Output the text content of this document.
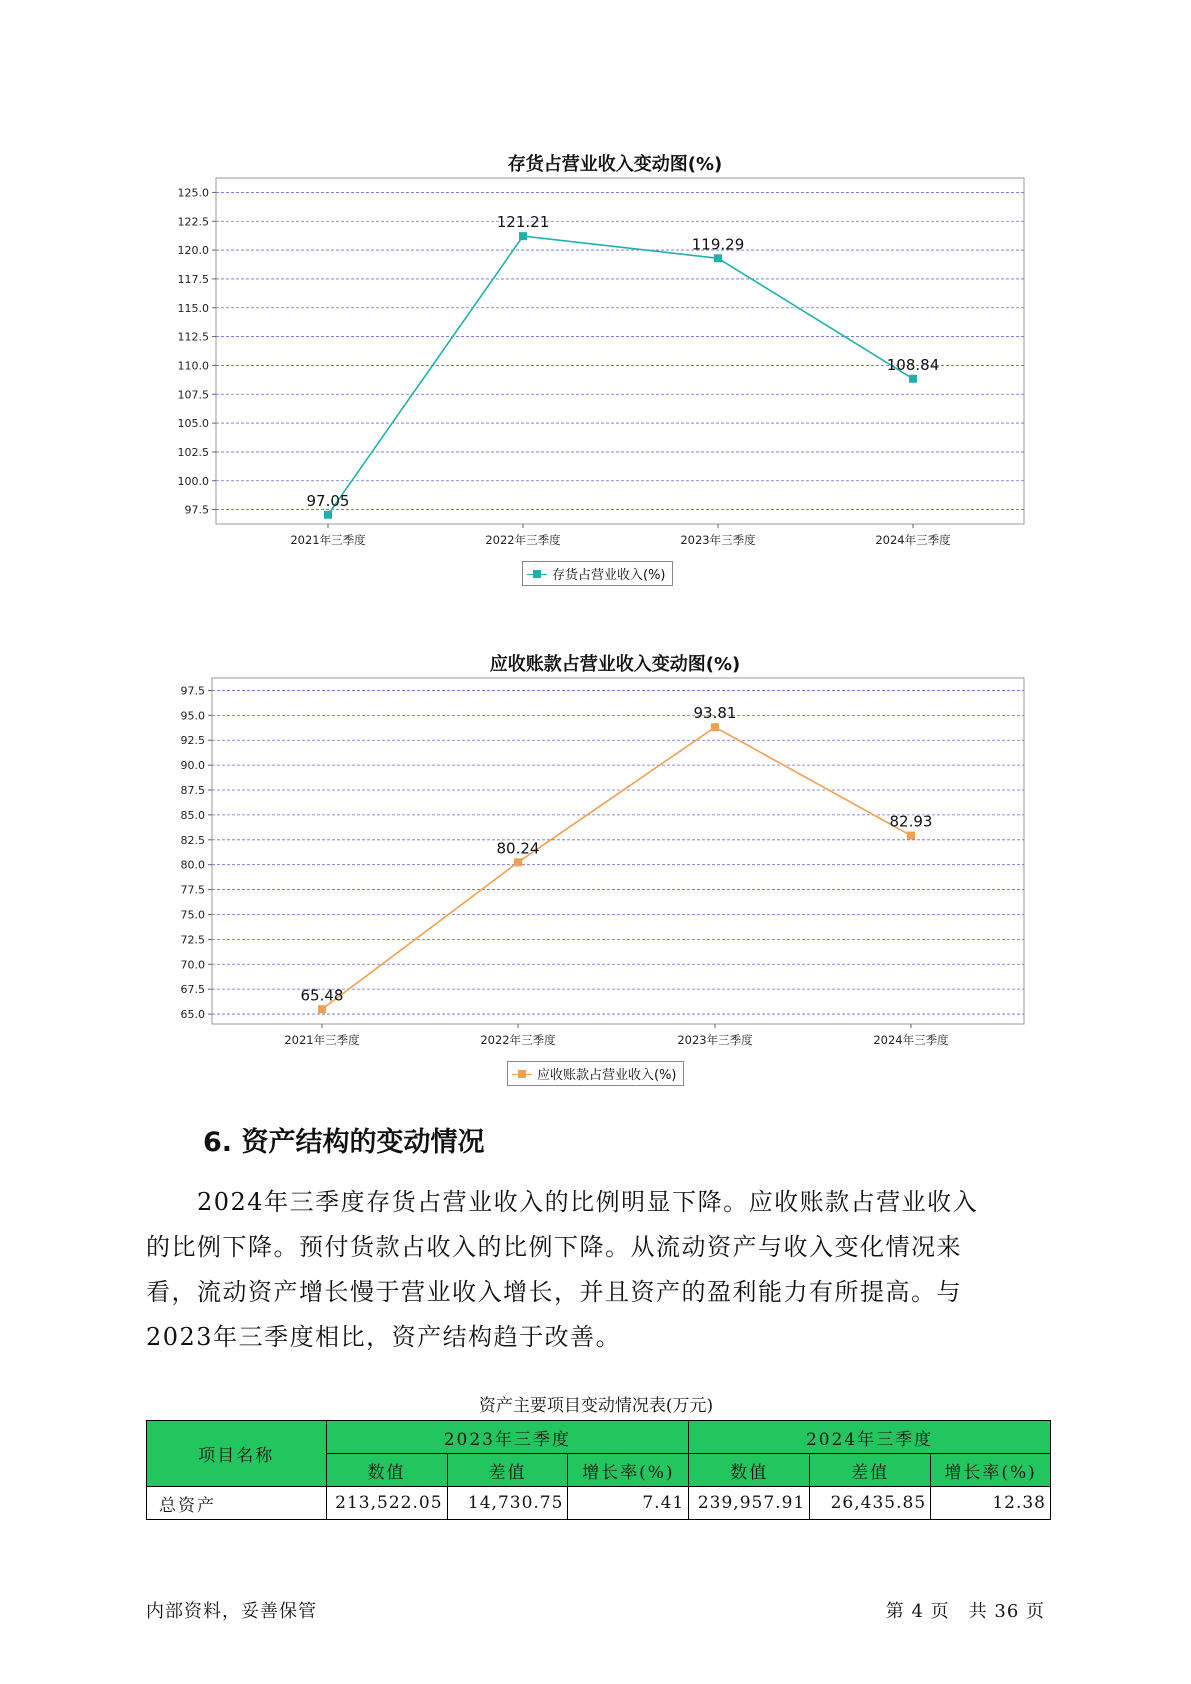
存货占营业收入变动图(%)
97.5
100.0
102.5
105.0
107.5
110.0
112.5
115.0
117.5
120.0
122.5
125.0
2021年三季度	2022年三季度	2023年三季度	2024年三季度
97.05
121.21
119.29
108.84
存货占营业收入(%)
应收账款占营业收入变动图(%)
65.0
67.5
70.0
72.5
75.0
77.5
80.0
82.5
85.0
87.5
90.0
92.5
95.0
97.5
2021年三季度	2022年三季度	2023年三季度	2024年三季度
65.48
80.24
93.81
82.93
应收账款占营业收入(%)
6. 资产结构的变动情况
　　2024年三季度存货占营业收入的比例明显下降。应收账款占营业收入
的比例下降。预付货款占收入的比例下降。从流动资产与收入变化情况来
看，流动资产增长慢于营业收入增长，并且资产的盈利能力有所提高。与
2023年三季度相比，资产结构趋于改善。
资产主要项目变动情况表(万元)
项目名称	2023年三季度			2024年三季度		
	数值	差值	增长率(%)	数值	差值	增长率(%)
总资产	213,522.05	14,730.75	7.41	239,957.91	26,435.85	12.38
内部资料，妥善保管	第 4 页　共 36 页
